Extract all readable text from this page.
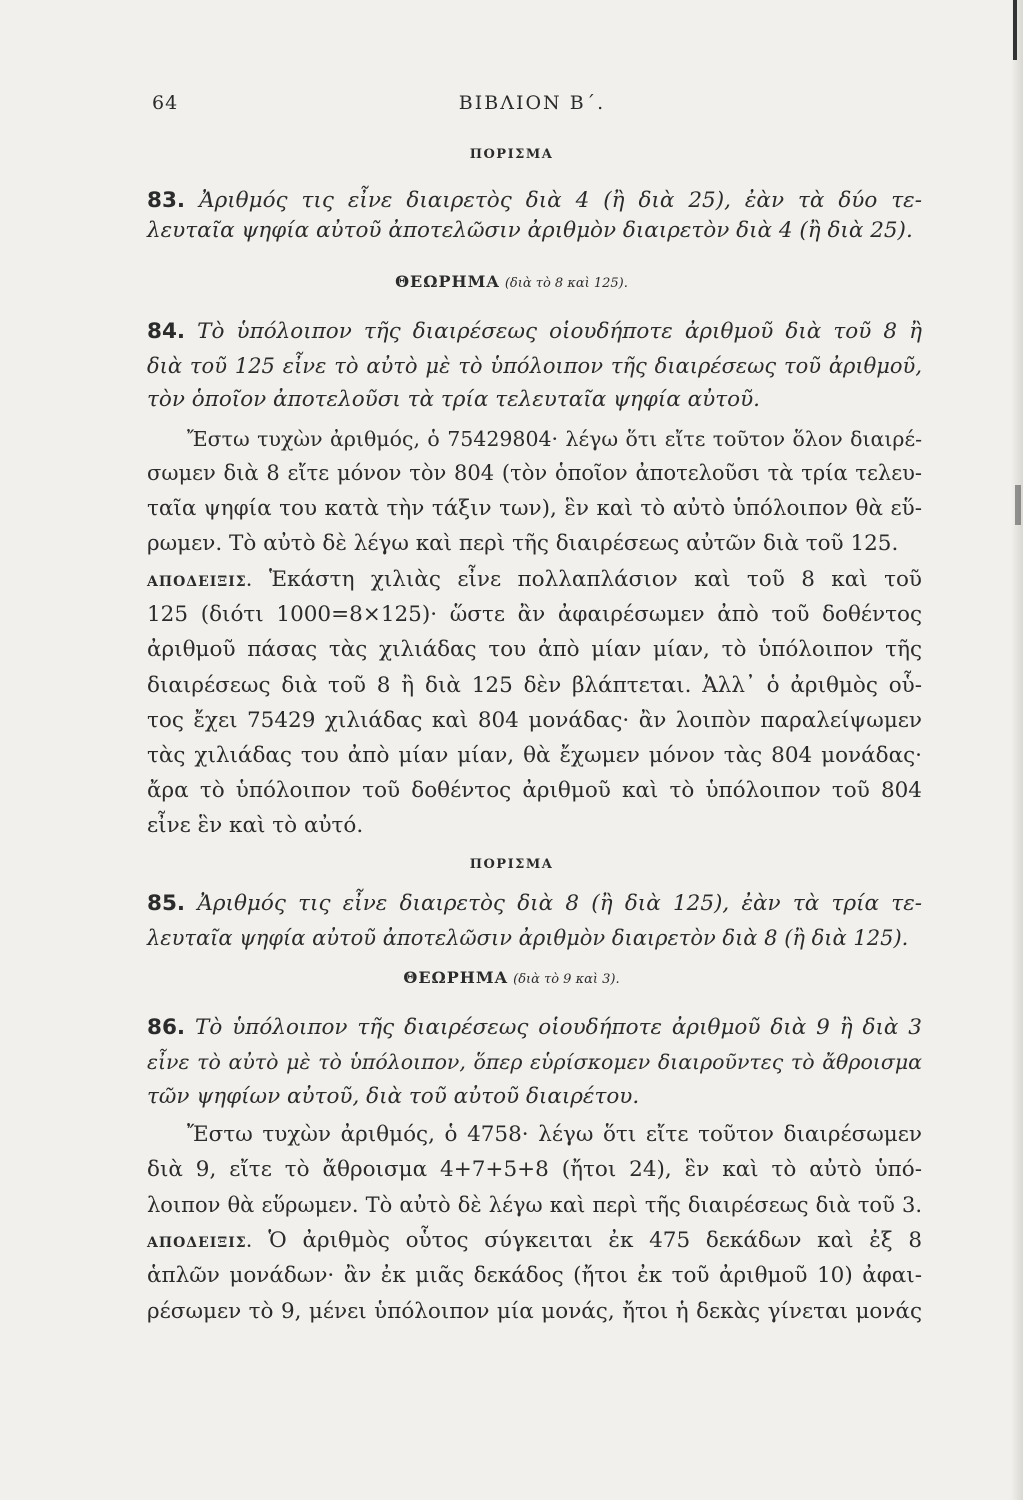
64	ΒΙΒΛΙΟΝ Β΄.
ΠΟΡΙΣΜΑ
83. Ἀριθμός τις εἶνε διαιρετὸς διὰ 4 (ἢ διὰ 25), ἐὰν τὰ δύο τε-
λευταῖα ψηφία αὐτοῦ ἀποτελῶσιν ἀριθμὸν διαιρετὸν διὰ 4 (ἢ διὰ 25).
ΘΕΩΡΗΜΑ (διὰ τὸ 8 καὶ 125).
84. Τὸ ὑπόλοιπον τῆς διαιρέσεως οἱουδήποτε ἀριθμοῦ διὰ τοῦ 8 ἢ
διὰ τοῦ 125 εἶνε τὸ αὐτὸ μὲ τὸ ὑπόλοιπον τῆς διαιρέσεως τοῦ ἀριθμοῦ,
τὸν ὁποῖον ἀποτελοῦσι τὰ τρία τελευταῖα ψηφία αὐτοῦ.
Ἔστω τυχὼν ἀριθμός, ὁ 75429804· λέγω ὅτι εἴτε τοῦτον ὅλον διαιρέ-
σωμεν διὰ 8 εἴτε μόνον τὸν 804 (τὸν ὁποῖον ἀποτελοῦσι τὰ τρία τελευ-
ταῖα ψηφία του κατὰ τὴν τάξιν των), ἓν καὶ τὸ αὐτὸ ὑπόλοιπον θὰ εὕ-
ρωμεν. Τὸ αὐτὸ δὲ λέγω καὶ περὶ τῆς διαιρέσεως αὐτῶν διὰ τοῦ 125.
ΑΠΟΔΕΙΞΙΣ. Ἑκάστη χιλιὰς εἶνε πολλαπλάσιον καὶ τοῦ 8 καὶ τοῦ
125 (διότι 1000=8×125)· ὥστε ἂν ἀφαιρέσωμεν ἀπὸ τοῦ δοθέντος
ἀριθμοῦ πάσας τὰς χιλιάδας του ἀπὸ μίαν μίαν, τὸ ὑπόλοιπον τῆς
διαιρέσεως διὰ τοῦ 8 ἢ διὰ 125 δὲν βλάπτεται. Ἀλλ᾽ ὁ ἀριθμὸς οὗ-
τος ἔχει 75429 χιλιάδας καὶ 804 μονάδας· ἂν λοιπὸν παραλείψωμεν
τὰς χιλιάδας του ἀπὸ μίαν μίαν, θὰ ἔχωμεν μόνον τὰς 804 μονάδας·
ἄρα τὸ ὑπόλοιπον τοῦ δοθέντος ἀριθμοῦ καὶ τὸ ὑπόλοιπον τοῦ 804
εἶνε ἓν καὶ τὸ αὐτό.
ΠΟΡΙΣΜΑ
85. Ἀριθμός τις εἶνε διαιρετὸς διὰ 8 (ἢ διὰ 125), ἐὰν τὰ τρία τε-
λευταῖα ψηφία αὐτοῦ ἀποτελῶσιν ἀριθμὸν διαιρετὸν διὰ 8 (ἢ διὰ 125).
ΘΕΩΡΗΜΑ (διὰ τὸ 9 καὶ 3).
86. Τὸ ὑπόλοιπον τῆς διαιρέσεως οἱουδήποτε ἀριθμοῦ διὰ 9 ἢ διὰ 3
εἶνε τὸ αὐτὸ μὲ τὸ ὑπόλοιπον, ὅπερ εὑρίσκομεν διαιροῦντες τὸ ἄθροισμα
τῶν ψηφίων αὐτοῦ, διὰ τοῦ αὐτοῦ διαιρέτου.
Ἔστω τυχὼν ἀριθμός, ὁ 4758· λέγω ὅτι εἴτε τοῦτον διαιρέσωμεν
διὰ 9, εἴτε τὸ ἄθροισμα 4+7+5+8 (ἤτοι 24), ἓν καὶ τὸ αὐτὸ ὑπό-
λοιπον θὰ εὕρωμεν. Τὸ αὐτὸ δὲ λέγω καὶ περὶ τῆς διαιρέσεως διὰ τοῦ 3.
ΑΠΟΔΕΙΞΙΣ. Ὁ ἀριθμὸς οὗτος σύγκειται ἐκ 475 δεκάδων καὶ ἐξ 8
ἁπλῶν μονάδων· ἂν ἐκ μιᾶς δεκάδος (ἤτοι ἐκ τοῦ ἀριθμοῦ 10) ἀφαι-
ρέσωμεν τὸ 9, μένει ὑπόλοιπον μία μονάς, ἤτοι ἡ δεκὰς γίνεται μονάς
